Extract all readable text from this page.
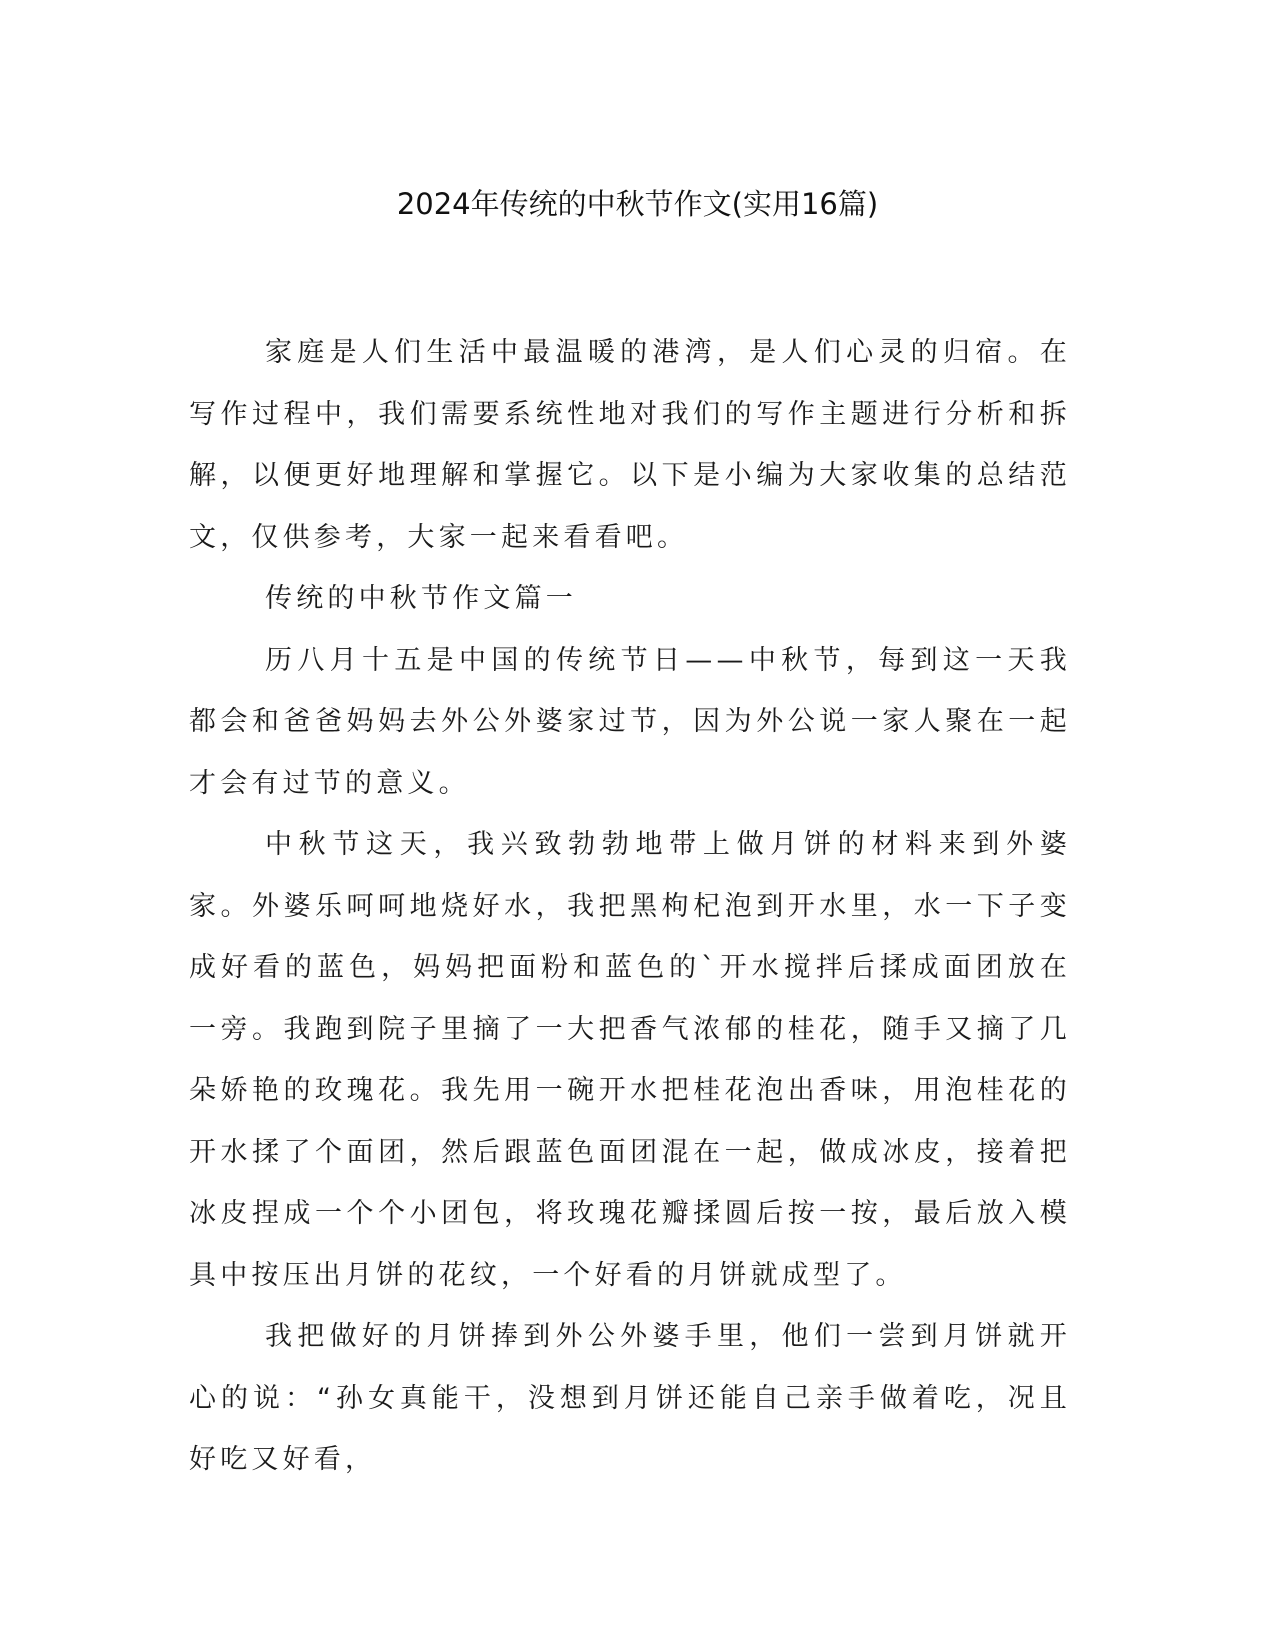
2024年传统的中秋节作文(实用16篇)

家庭是人们生活中最温暖的港湾，是人们心灵的归宿。在写作过程中，我们需要系统性地对我们的写作主题进行分析和拆解，以便更好地理解和掌握它。以下是小编为大家收集的总结范文，仅供参考，大家一起来看看吧。

传统的中秋节作文篇一

历八月十五是中国的传统节日——中秋节，每到这一天我都会和爸爸妈妈去外公外婆家过节，因为外公说一家人聚在一起才会有过节的意义。

中秋节这天，我兴致勃勃地带上做月饼的材料来到外婆家。外婆乐呵呵地烧好水，我把黑枸杞泡到开水里，水一下子变成好看的蓝色，妈妈把面粉和蓝色的`开水搅拌后揉成面团放在一旁。我跑到院子里摘了一大把香气浓郁的桂花，随手又摘了几朵娇艳的玫瑰花。我先用一碗开水把桂花泡出香味，用泡桂花的开水揉了个面团，然后跟蓝色面团混在一起，做成冰皮，接着把冰皮捏成一个个小团包，将玫瑰花瓣揉圆后按一按，最后放入模具中按压出月饼的花纹，一个好看的月饼就成型了。

我把做好的月饼捧到外公外婆手里，他们一尝到月饼就开心的说：“孙女真能干，没想到月饼还能自己亲手做着吃，况且好吃又好看，
